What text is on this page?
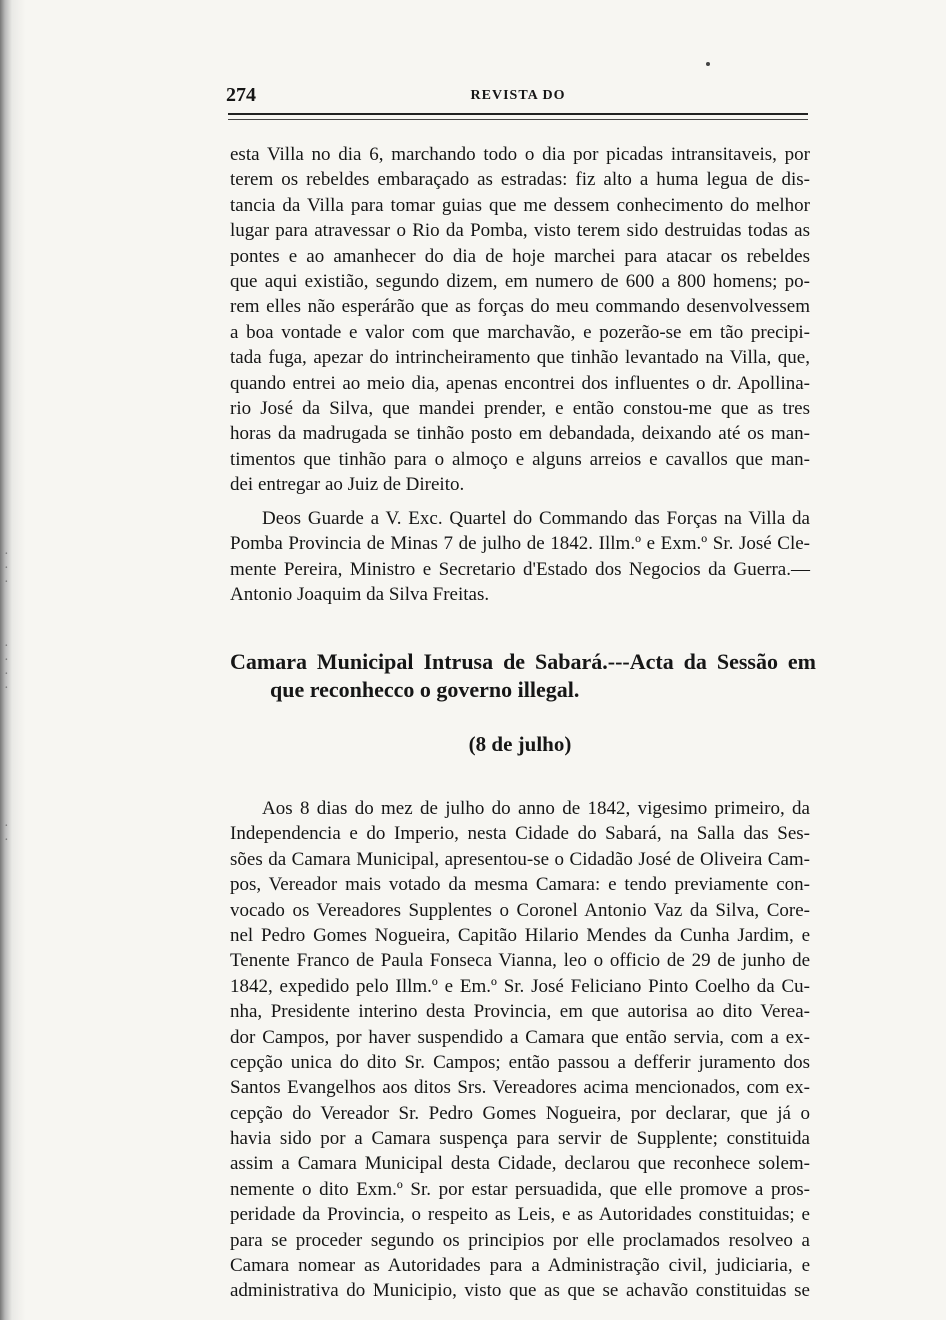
·
·
·
·
·
·
·
·
·
274	REVISTA DO

esta Villa no dia 6, marchando todo o dia por picadas intransitaveis, por
terem os rebeldes embaraçado as estradas: fiz alto a huma legua de dis-
tancia da Villa para tomar guias que me dessem conhecimento do melhor
lugar para atravessar o Rio da Pomba, visto terem sido destruidas todas as
pontes e ao amanhecer do dia de hoje marchei para atacar os rebeldes
que aqui existião, segundo dizem, em numero de 600 a 800 homens; po-
rem elles não esperárão que as forças do meu commando desenvolvessem
a boa vontade e valor com que marchavão, e pozerão-se em tão precipi-
tada fuga, apezar do intrincheiramento que tinhão levantado na Villa, que,
quando entrei ao meio dia, apenas encontrei dos influentes o dr. Apollina-
rio José da Silva, que mandei prender, e então constou-me que as tres
horas da madrugada se tinhão posto em debandada, deixando até os man-
timentos que tinhão para o almoço e alguns arreios e cavallos que man-
dei entregar ao Juiz de Direito.

Deos Guarde a V. Exc. Quartel do Commando das Forças na Villa da
Pomba Provincia de Minas 7 de julho de 1842. Illm.º e Exm.º Sr. José Cle-
mente Pereira, Ministro e Secretario d'Estado dos Negocios da Guerra.—
Antonio Joaquim da Silva Freitas.

Camara Municipal Intrusa de Sabará.---Acta da Sessão em
que reconhecco o governo illegal.
(8 de julho)

Aos 8 dias do mez de julho do anno de 1842, vigesimo primeiro, da
Independencia e do Imperio, nesta Cidade do Sabará, na Salla das Ses-
sões da Camara Municipal, apresentou-se o Cidadão José de Oliveira Cam-
pos, Vereador mais votado da mesma Camara: e tendo previamente con-
vocado os Vereadores Supplentes o Coronel Antonio Vaz da Silva, Core-
nel Pedro Gomes Nogueira, Capitão Hilario Mendes da Cunha Jardim, e
Tenente Franco de Paula Fonseca Vianna, leo o officio de 29 de junho de
1842, expedido pelo Illm.º e Em.º Sr. José Feliciano Pinto Coelho da Cu-
nha, Presidente interino desta Provincia, em que autorisa ao dito Verea-
dor Campos, por haver suspendido a Camara que então servia, com a ex-
cepção unica do dito Sr. Campos; então passou a defferir juramento dos
Santos Evangelhos aos ditos Srs. Vereadores acima mencionados, com ex-
cepção do Vereador Sr. Pedro Gomes Nogueira, por declarar, que já o
havia sido por a Camara suspença para servir de Supplente; constituida
assim a Camara Municipal desta Cidade, declarou que reconhece solem-
nemente o dito Exm.º Sr. por estar persuadida, que elle promove a pros-
peridade da Provincia, o respeito as Leis, e as Autoridades constituidas; e
para se proceder segundo os principios por elle proclamados resolveo a
Camara nomear as Autoridades para a Administração civil, judiciaria, e
administrativa do Municipio, visto que as que se achavão constituidas se
